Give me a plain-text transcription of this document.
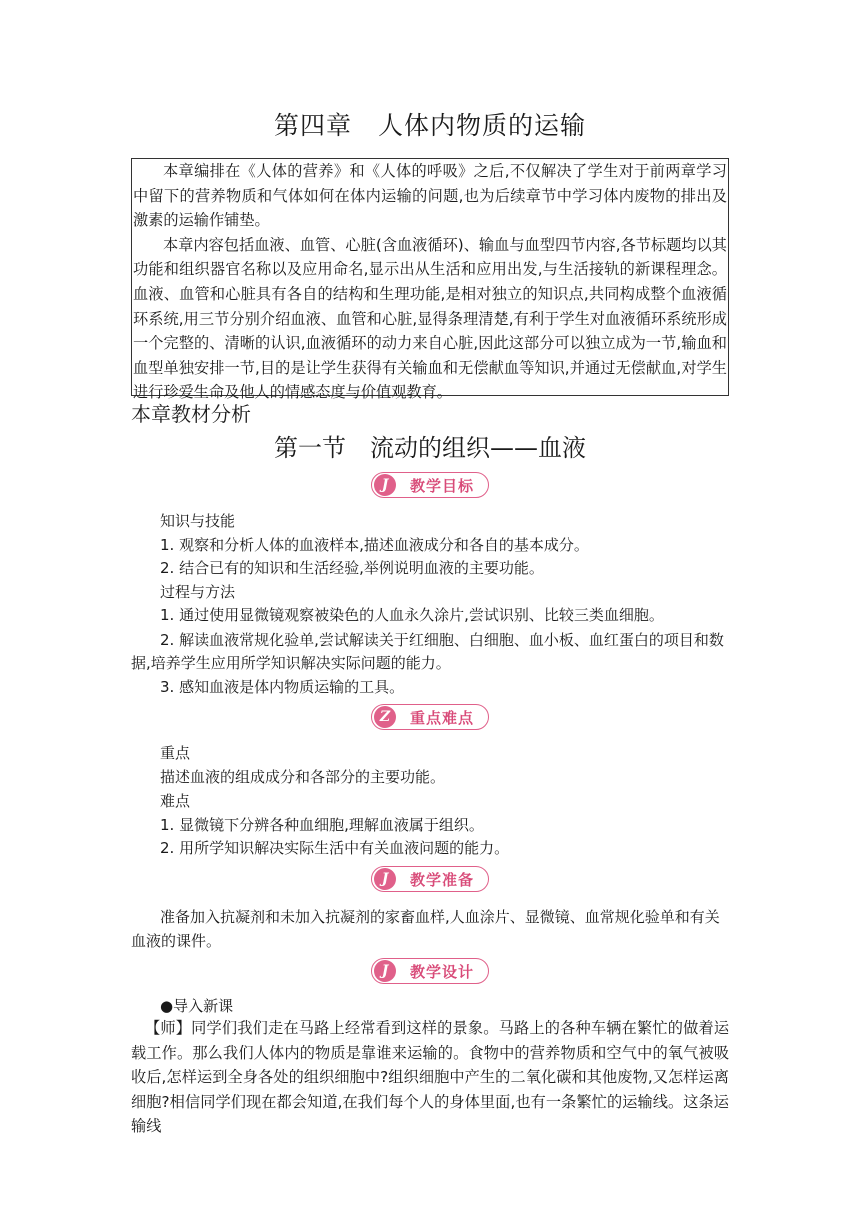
第四章　人体内物质的运输

本章编排在《人体的营养》和《人体的呼吸》之后,不仅解决了学生对于前两章学习中留下的营养物质和气体如何在体内运输的问题,也为后续章节中学习体内废物的排出及激素的运输作铺垫。

本章内容包括血液、血管、心脏(含血液循环)、输血与血型四节内容,各节标题均以其功能和组织器官名称以及应用命名,显示出从生活和应用出发,与生活接轨的新课程理念。血液、血管和心脏具有各自的结构和生理功能,是相对独立的知识点,共同构成整个血液循环系统,用三节分别介绍血液、血管和心脏,显得条理清楚,有利于学生对血液循环系统形成一个完整的、清晰的认识,血液循环的动力来自心脏,因此这部分可以独立成为一节,输血和血型单独安排一节,目的是让学生获得有关输血和无偿献血等知识,并通过无偿献血,对学生进行珍爱生命及他人的情感态度与价值观教育。

本章教材分析
第一节　流动的组织——血液
J	教学目标
知识与技能
1. 观察和分析人体的血液样本,描述血液成分和各自的基本成分。
2. 结合已有的知识和生活经验,举例说明血液的主要功能。
过程与方法
1. 通过使用显微镜观察被染色的人血永久涂片,尝试识别、比较三类血细胞。
2. 解读血液常规化验单,尝试解读关于红细胞、白细胞、血小板、血红蛋白的项目和数
据,培养学生应用所学知识解决实际问题的能力。
3. 感知血液是体内物质运输的工具。
Z	重点难点
重点
描述血液的组成成分和各部分的主要功能。
难点
1. 显微镜下分辨各种血细胞,理解血液属于组织。
2. 用所学知识解决实际生活中有关血液问题的能力。
J	教学准备
准备加入抗凝剂和未加入抗凝剂的家畜血样,人血涂片、显微镜、血常规化验单和有关
血液的课件。
J	教学设计
●导入新课
【师】同学们我们走在马路上经常看到这样的景象。马路上的各种车辆在繁忙的做着运载工作。那么我们人体内的物质是靠谁来运输的。食物中的营养物质和空气中的氧气被吸收后,怎样运到全身各处的组织细胞中?组织细胞中产生的二氧化碳和其他废物,又怎样运离细胞?相信同学们现在都会知道,在我们每个人的身体里面,也有一条繁忙的运输线。这条运输线
